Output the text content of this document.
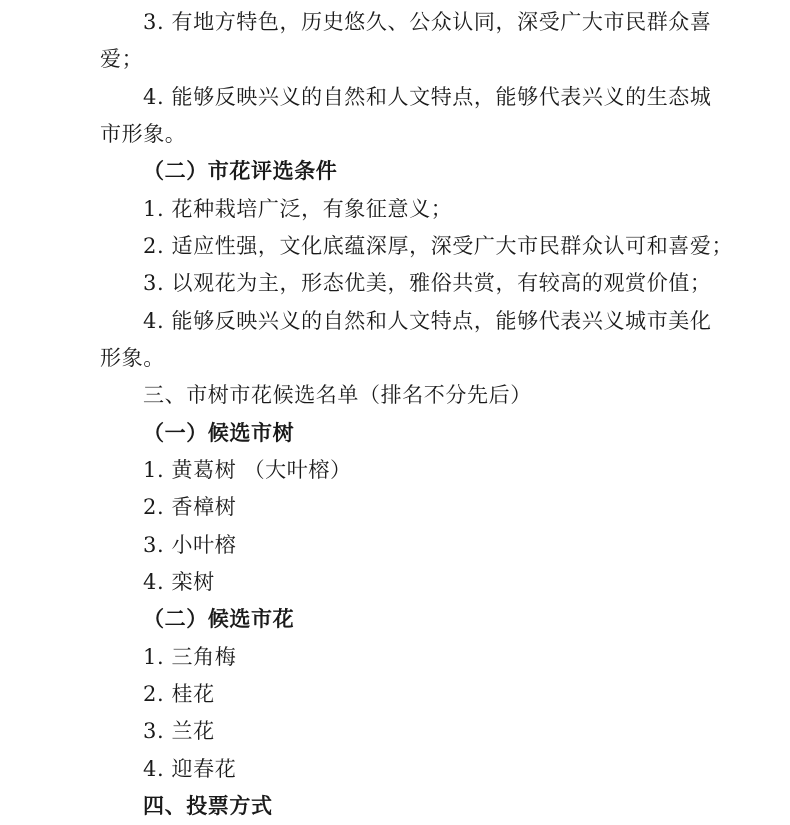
3. 有地方特色，历史悠久、公众认同，深受广大市民群众喜
爱；
4. 能够反映兴义的自然和人文特点，能够代表兴义的生态城
市形象。
（二）市花评选条件
1. 花种栽培广泛，有象征意义；
2. 适应性强，文化底蕴深厚，深受广大市民群众认可和喜爱；
3. 以观花为主，形态优美，雅俗共赏，有较高的观赏价值；
4. 能够反映兴义的自然和人文特点，能够代表兴义城市美化
形象。
三、市树市花候选名单（排名不分先后）
（一）候选市树
1. 黄葛树 （大叶榕）
2. 香樟树
3. 小叶榕
4. 栾树
（二）候选市花
1. 三角梅
2. 桂花
3. 兰花
4. 迎春花
四、投票方式
